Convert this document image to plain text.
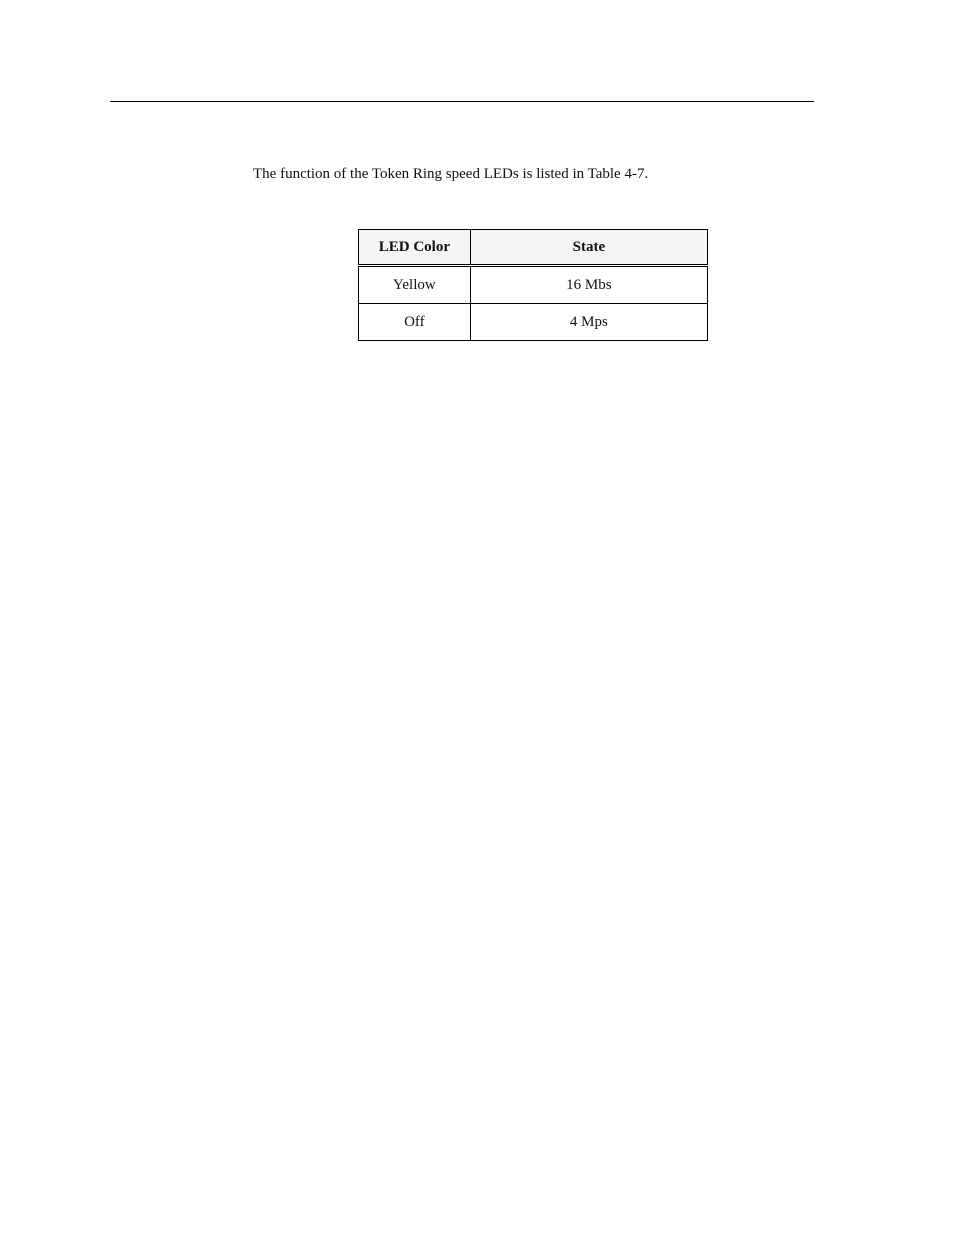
The function of the Token Ring speed LEDs is listed in Table 4-7.

LED Color	State
Yellow	16 Mbs
Off	4 Mps
